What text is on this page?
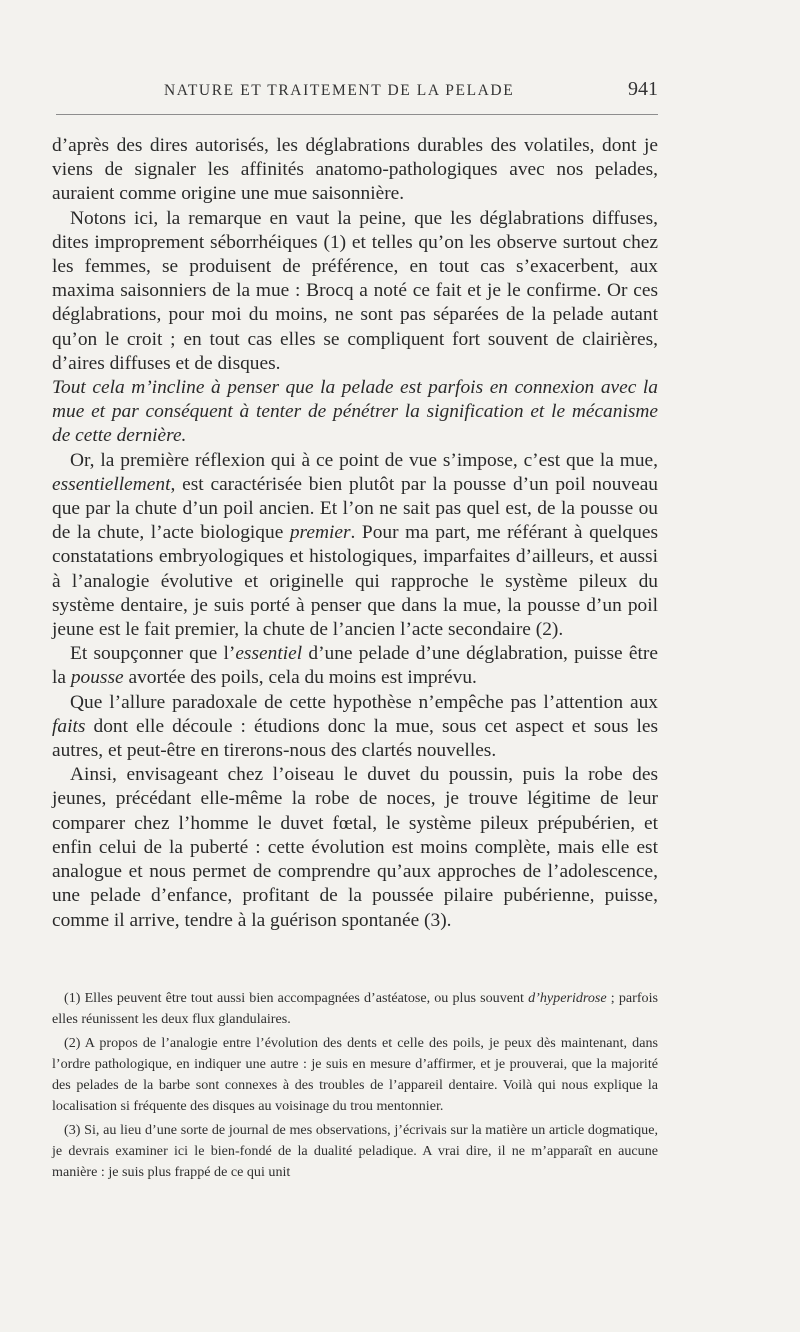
NATURE ET TRAITEMENT DE LA PELADE	941

d’après des dires autorisés, les déglabrations durables des volatiles, dont je viens de signaler les affinités anatomo-pathologiques avec nos pelades, auraient comme origine une mue saisonnière.

Notons ici, la remarque en vaut la peine, que les déglabrations diffuses, dites improprement séborrhéiques (1) et telles qu’on les observe surtout chez les femmes, se produisent de préférence, en tout cas s’exacerbent, aux maxima saisonniers de la mue : Brocq a noté ce fait et je le confirme. Or ces déglabrations, pour moi du moins, ne sont pas séparées de la pelade autant qu’on le croit ; en tout cas elles se compliquent fort souvent de clairières, d’aires diffuses et de disques.

Tout cela m’incline à penser que la pelade est parfois en connexion avec la mue et par conséquent à tenter de pénétrer la signification et le mécanisme de cette dernière.

Or, la première réflexion qui à ce point de vue s’impose, c’est que la mue, essentiellement, est caractérisée bien plutôt par la pousse d’un poil nouveau que par la chute d’un poil ancien. Et l’on ne sait pas quel est, de la pousse ou de la chute, l’acte biologique premier. Pour ma part, me référant à quelques constatations embryologiques et histologiques, imparfaites d’ailleurs, et aussi à l’analogie évolutive et originelle qui rapproche le système pileux du système dentaire, je suis porté à penser que dans la mue, la pousse d’un poil jeune est le fait premier, la chute de l’ancien l’acte secondaire (2).

Et soupçonner que l’essentiel d’une pelade d’une déglabration, puisse être la pousse avortée des poils, cela du moins est imprévu.

Que l’allure paradoxale de cette hypothèse n’empêche pas l’attention aux faits dont elle découle : étudions donc la mue, sous cet aspect et sous les autres, et peut-être en tirerons-nous des clartés nouvelles.

Ainsi, envisageant chez l’oiseau le duvet du poussin, puis la robe des jeunes, précédant elle-même la robe de noces, je trouve légitime de leur comparer chez l’homme le duvet fœtal, le système pileux prépubérien, et enfin celui de la puberté : cette évolution est moins complète, mais elle est analogue et nous permet de comprendre qu’aux approches de l’adolescence, une pelade d’enfance, profitant de la poussée pilaire pubérienne, puisse, comme il arrive, tendre à la guérison spontanée (3).

(1) Elles peuvent être tout aussi bien accompagnées d’astéatose, ou plus souvent d’hyperidrose ; parfois elles réunissent les deux flux glandulaires.

(2) A propos de l’analogie entre l’évolution des dents et celle des poils, je peux dès maintenant, dans l’ordre pathologique, en indiquer une autre : je suis en mesure d’affirmer, et je prouverai, que la majorité des pelades de la barbe sont connexes à des troubles de l’appareil dentaire. Voilà qui nous explique la localisation si fréquente des disques au voisinage du trou mentonnier.

(3) Si, au lieu d’une sorte de journal de mes observations, j’écrivais sur la matière un article dogmatique, je devrais examiner ici le bien-fondé de la dualité peladique. A vrai dire, il ne m’apparaît en aucune manière : je suis plus frappé de ce qui unit
